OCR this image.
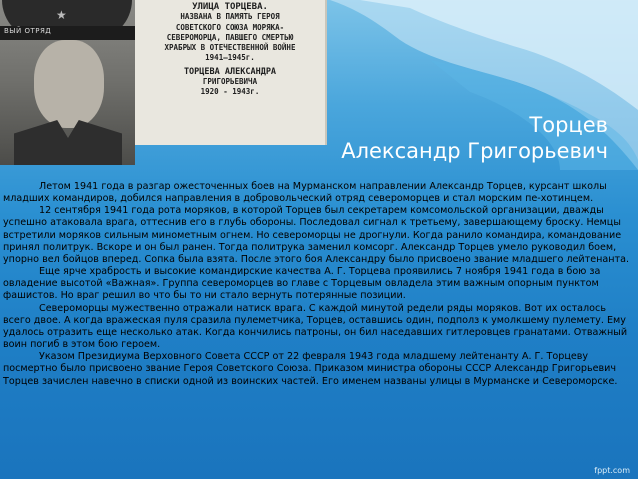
★
ВЫЙ ОТРЯД
УЛИЦА ТОРЦЕВА.
НАЗВАНА В ПАМЯТЬ ГЕРОЯ
СОВЕТСКОГО СОЮЗА МОРЯКА-
СЕВЕРОМОРЦА, ПАВШЕГО СМЕРТЬЮ
ХРАБРЫХ В ОТЕЧЕСТВЕННОЙ ВОЙНЕ
1941—1945г.
ТОРЦЕВА АЛЕКСАНДРА
ГРИГОРЬЕВИЧА
1920 - 1943г.
Торцев
Александр Григорьевич

Летом 1941 года в разгар ожесточенных боев на Мурманском направлении Александр Торцев, курсант школы младших командиров, добился направления в добровольческий отряд североморцев и стал морским пе-хотинцем.

12 сентября 1941 года рота моряков, в которой Торцев был секретарем комсомольской организации, дважды успешно атаковала врага, оттеснив его в глубь обороны. Последовал сигнал к третьему, завершающему броску. Немцы встретили моряков сильным минометным огнем. Но североморцы не дрогнули. Когда ранило командира, командование принял политрук. Вскоре и он был ранен. Тогда политрука заменил комсорг. Александр Торцев умело руководил боем, упорно вел бойцов вперед. Сопка была взята. После этого боя Александру было присвоено звание младшего лейтенанта.

Еще ярче храбрость и высокие командирские качества А. Г. Торцева проявились 7 ноября 1941 года в бою за овладение высотой «Важная». Группа североморцев во главе с Торцевым овладела этим важным опорным пунктом фашистов. Но враг решил во что бы то ни стало вернуть потерянные позиции.

Североморцы мужественно отражали натиск врага. С каждой минутой редели ряды моряков. Вот их осталось всего двое. А когда вражеская пуля сразила пулеметчика, Торцев, оставшись один, подполз к умолкшему пулемету. Ему удалось отразить еще несколько атак. Когда кончились патроны, он бил наседавших гитлеровцев гранатами. Отважный воин погиб в этом бою героем.

Указом Президиума Верховного Совета СССР от 22 февраля 1943 года младшему лейтенанту А. Г. Торцеву посмертно было присвоено звание Героя Советского Союза. Приказом министра обороны СССР Александр Григорьевич Торцев зачислен навечно в списки одной из воинских частей. Его именем названы улицы в Мурманске и Североморске.

fppt.com
